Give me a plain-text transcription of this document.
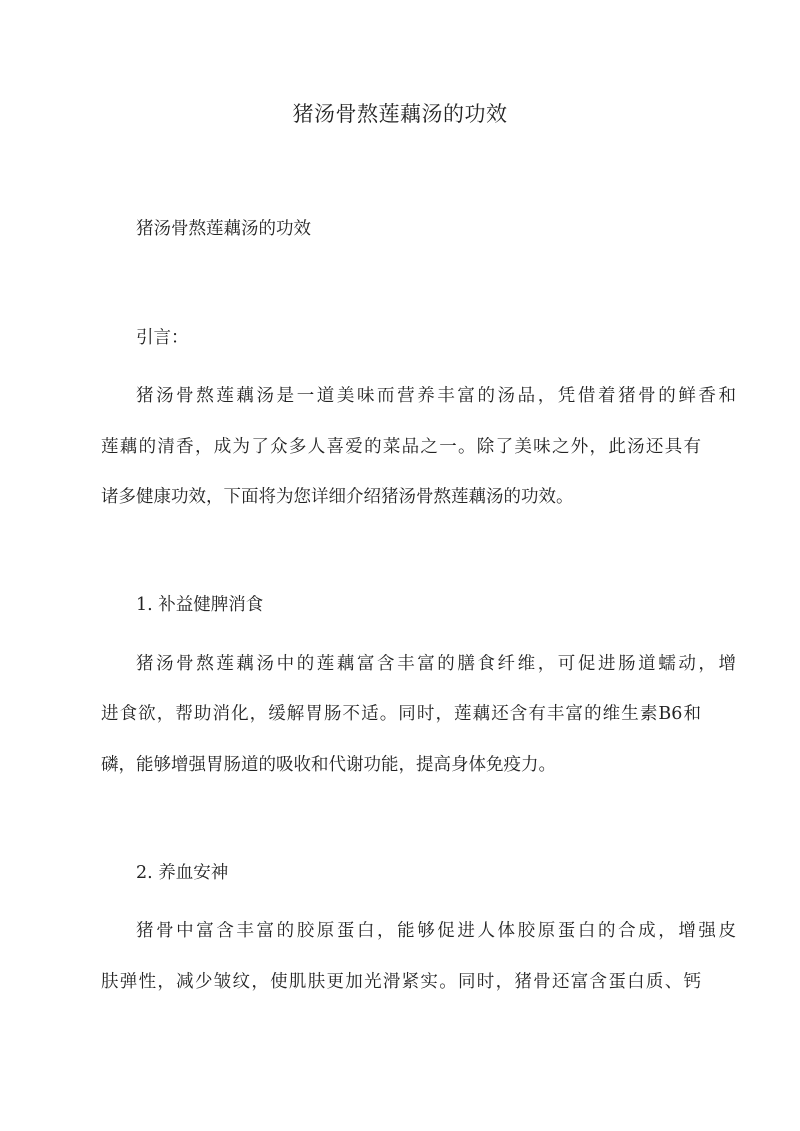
猪汤骨熬莲藕汤的功效

猪汤骨熬莲藕汤的功效

引言：

猪汤骨熬莲藕汤是一道美味而营养丰富的汤品，凭借着猪骨的鲜香和

莲藕的清香，成为了众多人喜爱的菜品之一。除了美味之外，此汤还具有

诸多健康功效，下面将为您详细介绍猪汤骨熬莲藕汤的功效。

1. 补益健脾消食

猪汤骨熬莲藕汤中的莲藕富含丰富的膳食纤维，可促进肠道蠕动，增

进食欲，帮助消化，缓解胃肠不适。同时，莲藕还含有丰富的维生素B6和

磷，能够增强胃肠道的吸收和代谢功能，提高身体免疫力。

2. 养血安神

猪骨中富含丰富的胶原蛋白，能够促进人体胶原蛋白的合成，增强皮

肤弹性，减少皱纹，使肌肤更加光滑紧实。同时，猪骨还富含蛋白质、钙
